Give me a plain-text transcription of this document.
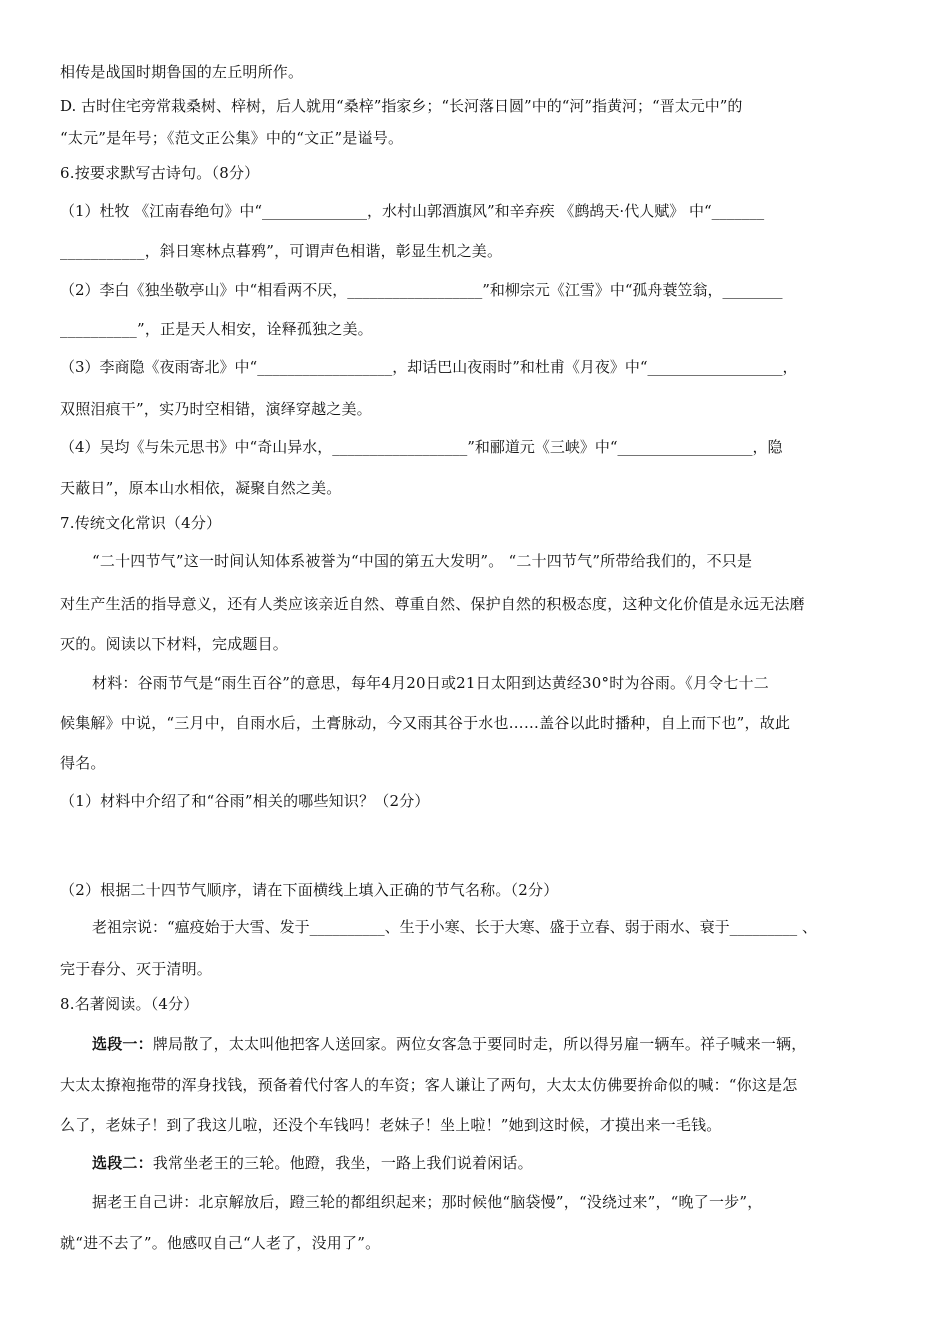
相传是战国时期鲁国的左丘明所作。
D. 古时住宅旁常栽桑树、梓树，后人就用“桑梓”指家乡；“长河落日圆”中的“河”指黄河；“晋太元中”的
“太元”是年号；《范文正公集》中的“文正”是谥号。
6.按要求默写古诗句。（8分）
（1）杜牧 《江南春绝句》中“______________，水村山郭酒旗风”和辛弃疾 《鹧鸪天·代人赋》 中“_______
___________，斜日寒林点暮鸦”，可谓声色相谐，彰显生机之美。
（2）李白《独坐敬亭山》中“相看两不厌，__________________”和柳宗元《江雪》中“孤舟蓑笠翁，________
__________”，正是天人相安，诠释孤独之美。
（3）李商隐《夜雨寄北》中“__________________，却话巴山夜雨时”和杜甫《月夜》中“__________________，
双照泪痕干”，实乃时空相错，演绎穿越之美。
（4）吴均《与朱元思书》中“奇山异水，__________________”和郦道元《三峡》中“__________________，隐
天蔽日”，原本山水相依，凝聚自然之美。
7.传统文化常识（4分）
“二十四节气”这一时间认知体系被誉为“中国的第五大发明”。 “二十四节气”所带给我们的，不只是
对生产生活的指导意义，还有人类应该亲近自然、尊重自然、保护自然的积极态度，这种文化价值是永远无法磨
灭的。阅读以下材料，完成题目。
材料：谷雨节气是“雨生百谷”的意思，每年4月20日或21日太阳到达黄经30°时为谷雨。《月令七十二
候集解》中说，“三月中，自雨水后，土膏脉动，今又雨其谷于水也……盖谷以此时播种，自上而下也”，故此
得名。
（1）材料中介绍了和“谷雨”相关的哪些知识？（2分）
（2）根据二十四节气顺序，请在下面横线上填入正确的节气名称。（2分）
老祖宗说：“瘟疫始于大雪、发于__________、生于小寒、长于大寒、盛于立春、弱于雨水、衰于_________ 、
完于春分、灭于清明。
8.名著阅读。（4分）
选段一：牌局散了，太太叫他把客人送回家。两位女客急于要同时走，所以得另雇一辆车。祥子喊来一辆，
大太太撩袍拖带的浑身找钱，预备着代付客人的车资；客人谦让了两句，大太太仿佛要拚命似的喊：“你这是怎
么了，老妹子！到了我这儿啦，还没个车钱吗！老妹子！坐上啦！”她到这时候，才摸出来一毛钱。
选段二：我常坐老王的三轮。他蹬，我坐，一路上我们说着闲话。
据老王自己讲：北京解放后，蹬三轮的都组织起来；那时候他“脑袋慢”，“没绕过来”，“晚了一步”，
就“进不去了”。他感叹自己“人老了，没用了”。
